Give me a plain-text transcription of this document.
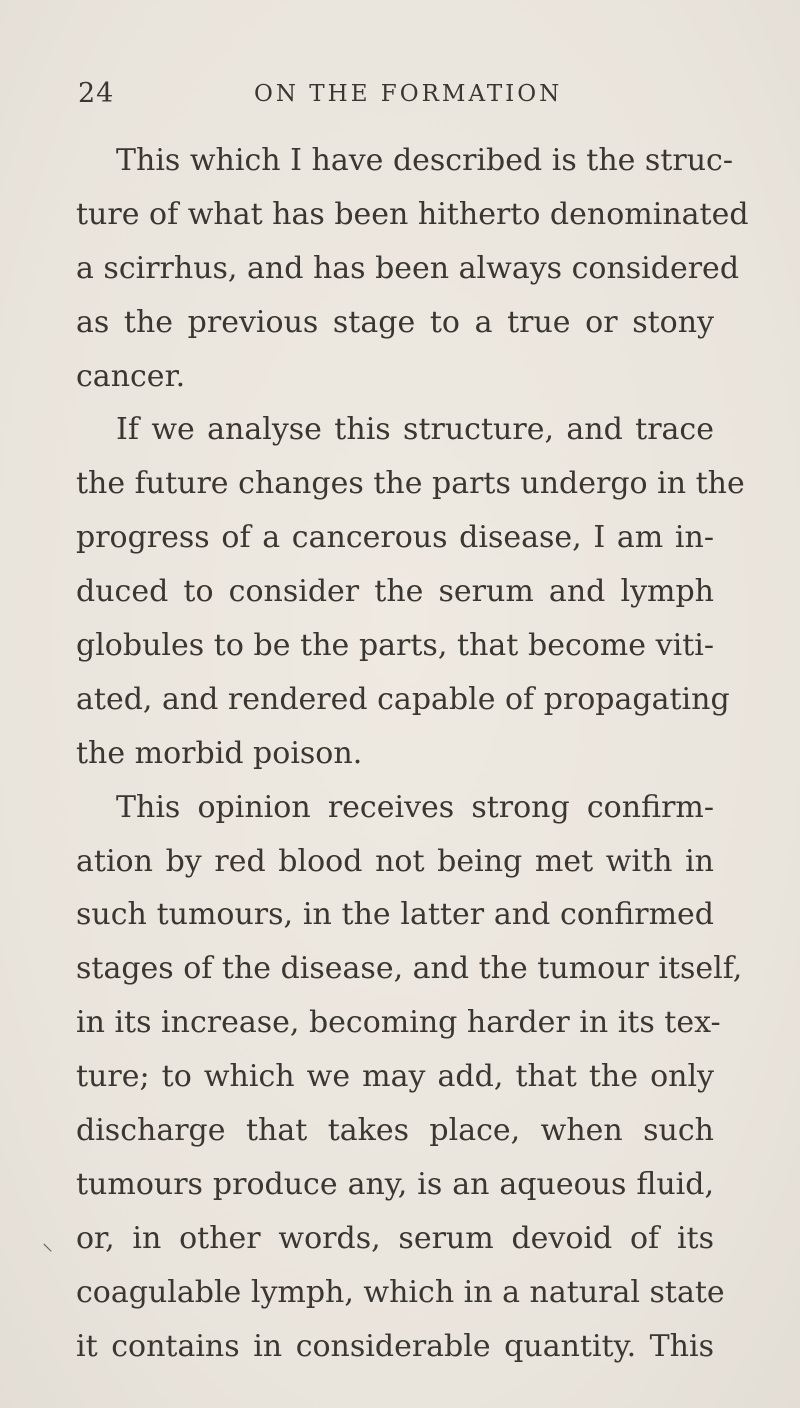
24	ON THE FORMATION
⸜
This which I have described is the struc-
ture of what has been hitherto denominated
a scirrhus, and has been always considered
as the previous stage to a true or stony
cancer.
If we analyse this structure, and trace
the future changes the parts undergo in the
progress of a cancerous disease, I am in-
duced to consider the serum and lymph
globules to be the parts, that become viti-
ated, and rendered capable of propagating
the morbid poison.
This opinion receives strong confirm-
ation by red blood not being met with in
such tumours, in the latter and confirmed
stages of the disease, and the tumour itself,
in its increase, becoming harder in its tex-
ture; to which we may add, that the only
discharge that takes place, when such
tumours produce any, is an aqueous fluid,
or, in other words, serum devoid of its
coagulable lymph, which in a natural state
it contains in considerable quantity. This
